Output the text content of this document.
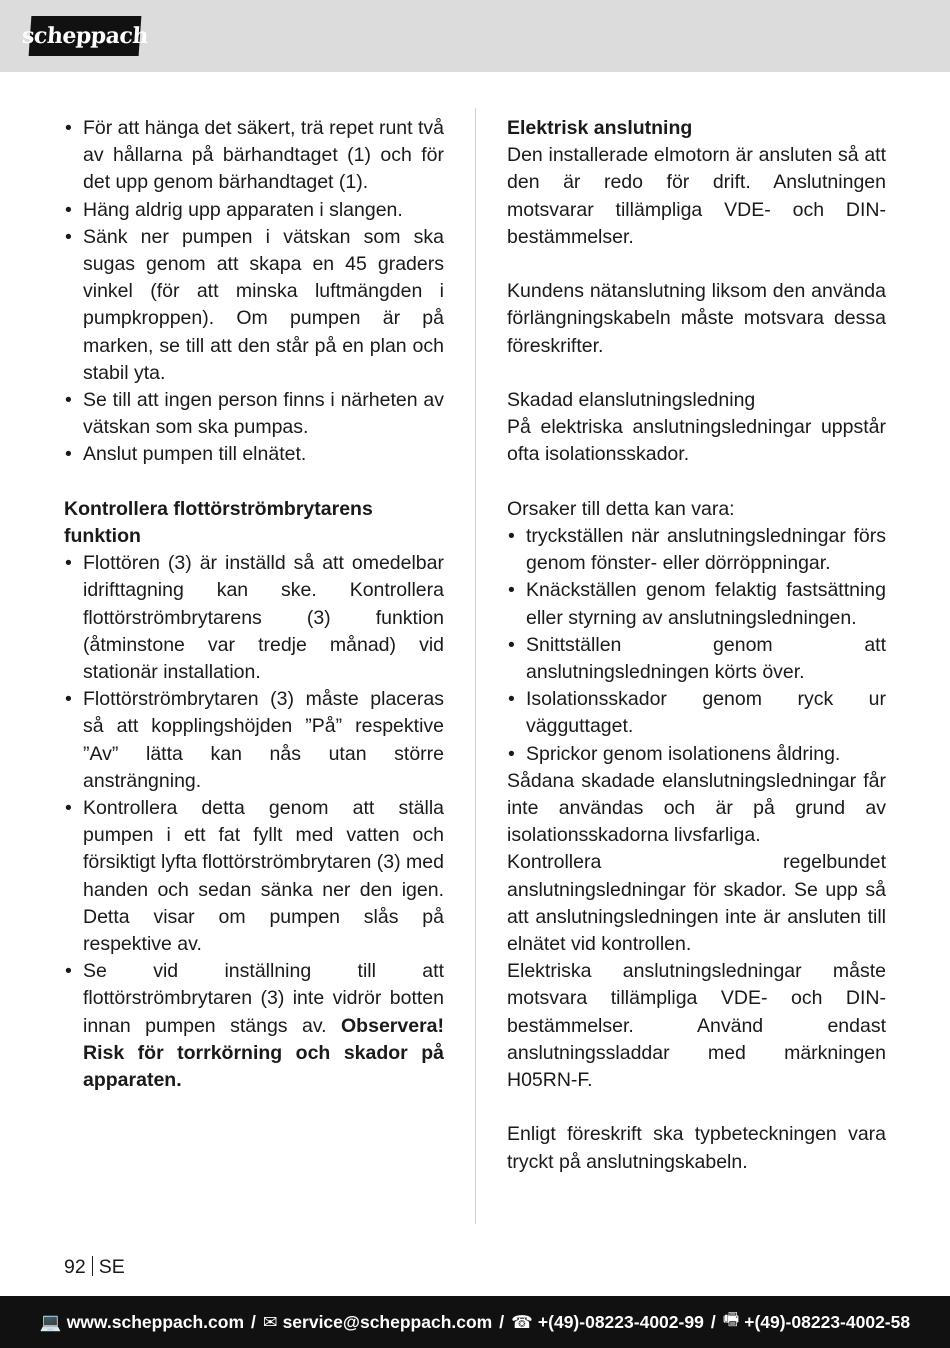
scheppach
• För att hänga det säkert, trä repet runt två av hållarna på bärhandtaget (1) och för det upp genom bärhandtaget (1).
• Häng aldrig upp apparaten i slangen.
• Sänk ner pumpen i vätskan som ska sugas genom att skapa en 45 graders vinkel (för att minska luftmängden i pumpkroppen). Om pumpen är på marken, se till att den står på en plan och stabil yta.
• Se till att ingen person finns i närheten av vätskan som ska pumpas.
• Anslut pumpen till elnätet.

Kontrollera flottörströmbrytarens funktion

• Flottören (3) är inställd så att omedelbar idrifttagning kan ske. Kontrollera flottörströmbrytarens (3) funktion (åtminstone var tredje månad) vid stationär installation.
• Flottörströmbrytaren (3) måste placeras så att kopplingshöjden ”På” respektive ”Av” lätta kan nås utan större ansträngning.
• Kontrollera detta genom att ställa pumpen i ett fat fyllt med vatten och försiktigt lyfta flottörströmbrytaren (3) med handen och sedan sänka ner den igen. Detta visar om pumpen slås på respektive av.
• Se vid inställning till att flottörströmbrytaren (3) inte vidrör botten innan pumpen stängs av. Observera! Risk för torrkörning och skador på apparaten.

Elektrisk anslutning

Den installerade elmotorn är ansluten så att den är redo för drift. Anslutningen motsvarar tillämpliga VDE- och DIN-bestämmelser.

Kundens nätanslutning liksom den använda förlängningskabeln måste motsvara dessa föreskrifter.

Skadad elanslutningsledning

På elektriska anslutningsledningar uppstår ofta isolationsskador.

Orsaker till detta kan vara:

• tryckställen när anslutningsledningar förs genom fönster- eller dörröppningar.
• Knäckställen genom felaktig fastsättning eller styrning av anslutningsledningen.
• Snittställen genom att anslutningsledningen körts över.
• Isolationsskador genom ryck ur vägguttaget.
• Sprickor genom isolationens åldring.

Sådana skadade elanslutningsledningar får inte användas och är på grund av isolationsskadorna livsfarliga.

Kontrollera regelbundet anslutningsledningar för skador. Se upp så att anslutningsledningen inte är ansluten till elnätet vid kontrollen.

Elektriska anslutningsledningar måste motsvara tillämpliga VDE- och DIN-bestämmelser. Använd endast anslutningssladdar med märkningen H05RN-F.

Enligt föreskrift ska typbeteckningen vara tryckt på anslutningskabeln.

92 SE
💻 www.scheppach.com / ✉ service@scheppach.com / ☎ +(49)-08223-4002-99 / 🖷 +(49)-08223-4002-58
